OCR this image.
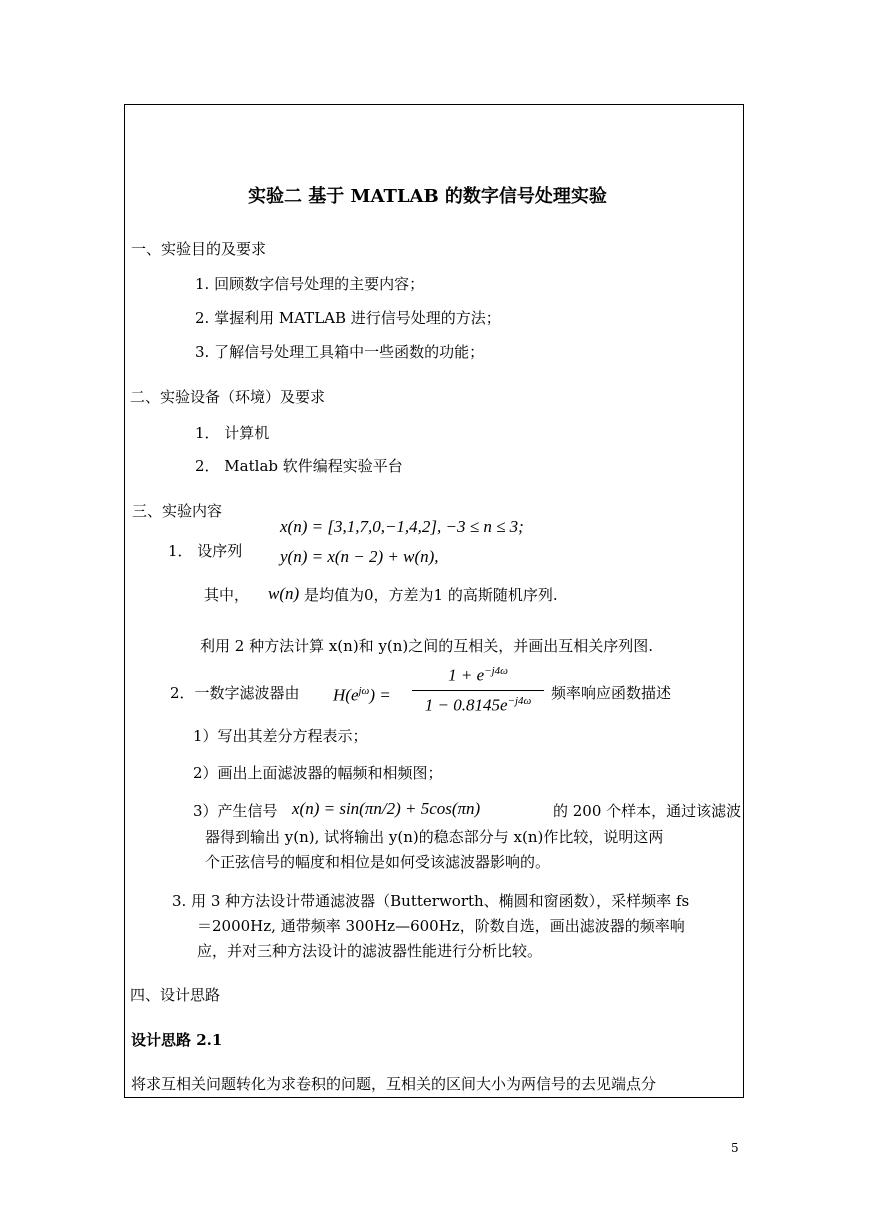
实验二 基于 MATLAB 的数字信号处理实验
一、实验目的及要求
1. 回顾数字信号处理的主要内容；
2. 掌握利用 MATLAB 进行信号处理的方法；
3. 了解信号处理工具箱中一些函数的功能；
二、实验设备（环境）及要求
1． 计算机
2． Matlab 软件编程实验平台
三、实验内容
x(n) = [3,1,7,0,−1,4,2], −3 ≤ n ≤ 3;
1． 设序列 y(n) = x(n − 2) + w(n),
其中， w(n) 是均值为0，方差为1 的高斯随机序列.
利用 2 种方法计算 x(n)和 y(n)之间的互相关，并画出互相关序列图.
2．一数字滤波器由 $H(e^{j\omega})$ =
$1 + e^{-j4\omega}$
$1 - 0.8145e^{-j4\omega}$	频率响应函数描述
1）写出其差分方程表示；
2）画出上面滤波器的幅频和相频图；
3）产生信号 x(n) = sin(πn/2) + 5cos(πn)	的 200 个样本，通过该滤波
器得到输出 y(n), 试将输出 y(n)的稳态部分与 x(n)作比较，说明这两
个正弦信号的幅度和相位是如何受该滤波器影响的。
3. 用 3 种方法设计带通滤波器（Butterworth、椭圆和窗函数），采样频率 fs
＝2000Hz, 通带频率 300Hz—600Hz，阶数自选，画出滤波器的频率响
应，并对三种方法设计的滤波器性能进行分析比较。
四、设计思路
设计思路 2.1
将求互相关问题转化为求卷积的问题，互相关的区间大小为两信号的去见端点分
5
